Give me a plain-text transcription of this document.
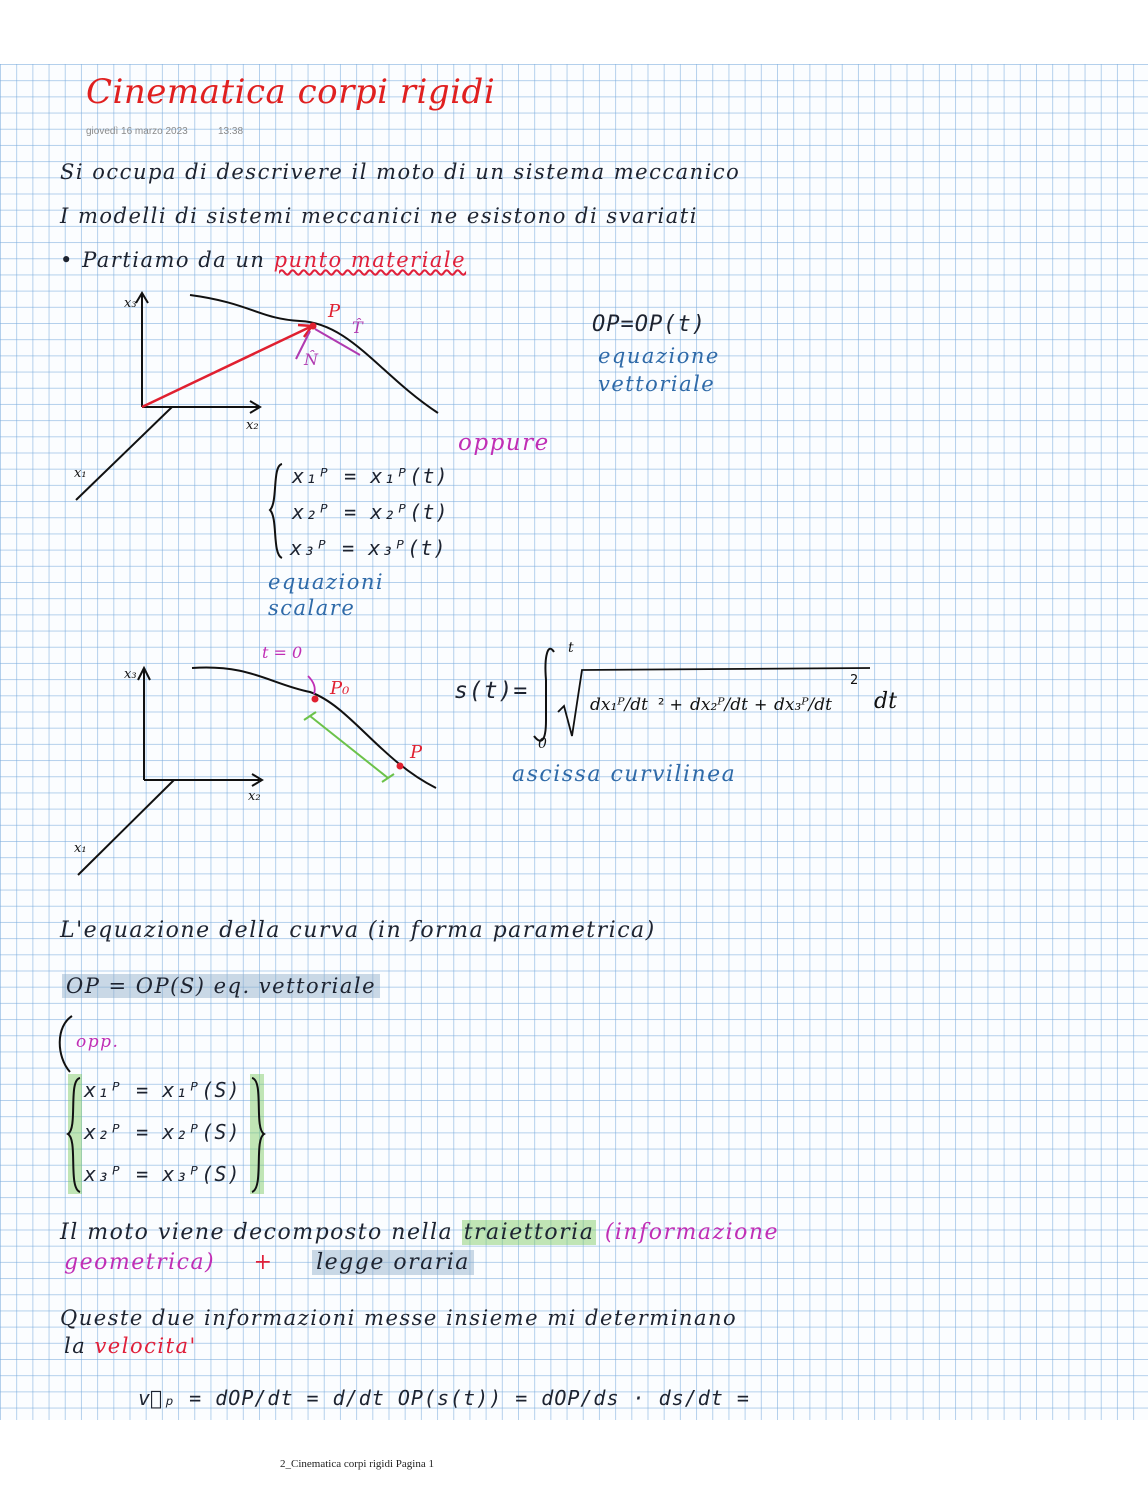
Cinematica corpi rigidi
giovedì 16 marzo 2023	13:38
Si occupa di descrivere il moto di un sistema meccanico
I modelli di sistemi meccanici ne esistono di svariati
• Partiamo da un punto materiale
x₃
x₂
x₁
P
T̂
N̂
OP=OP(t)
equazione
vettoriale
oppure
x₁ᴾ = x₁ᴾ(t)
x₂ᴾ = x₂ᴾ(t)
x₃ᴾ = x₃ᴾ(t)
equazioni
scalare
x₃
x₂
x₁
t = 0
P₀
P
s(t)=
t
0
dx₁ᴾ/dt ² + dx₂ᴾ/dt + dx₃ᴾ/dt
2
dt
ascissa curvilinea
L'equazione della curva (in forma parametrica)
OP = OP(S) eq. vettoriale
opp.
x₁ᴾ = x₁ᴾ(S)
x₂ᴾ = x₂ᴾ(S)
x₃ᴾ = x₃ᴾ(S)
Il moto viene decomposto nella traiettoria (informazione
geometrica) + legge oraria
Queste due informazioni messe insieme mi determinano
la velocita'
v⃗ₚ = dOP/dt = d/dt OP(s(t)) = dOP/ds · ds/dt =
2_Cinematica corpi rigidi Pagina 1
